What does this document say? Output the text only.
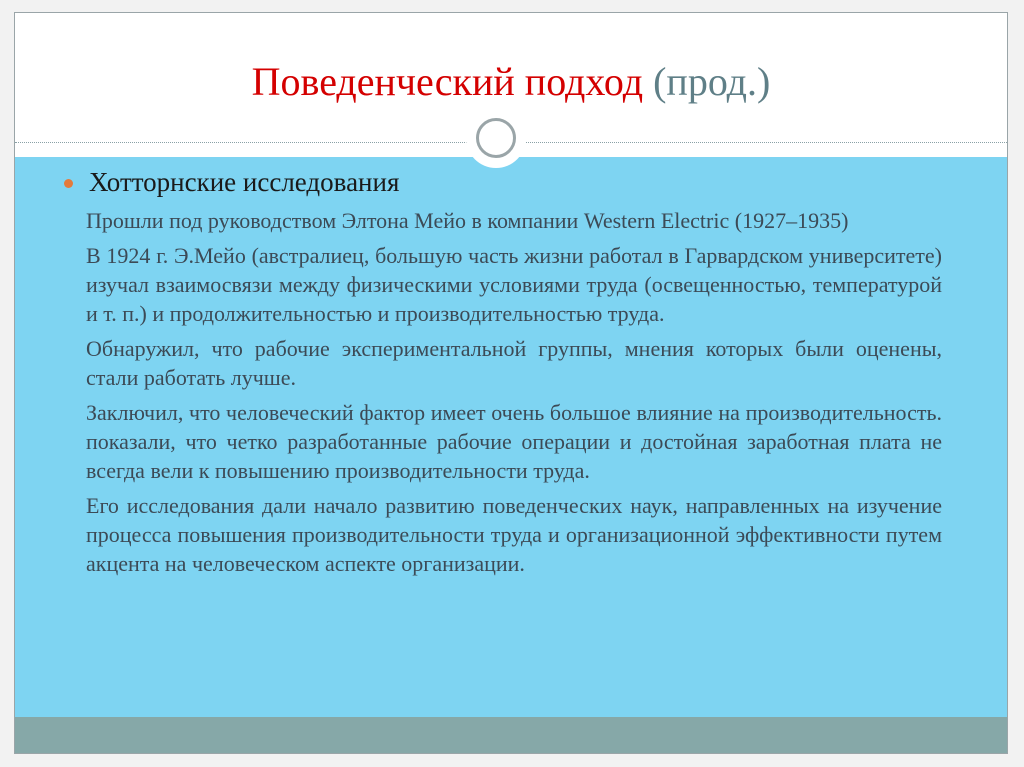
Поведенческий подход (прод.)
Хотторнские исследования

Прошли под руководством Элтона Мейо в компании Western Electric (1927–1935)

В 1924 г. Э.Мейо (австралиец, большую часть жизни работал в Гарвардском университете) изучал взаимосвязи между физическими условиями труда (освещенностью, температурой и т. п.) и продолжительностью и производительностью труда.

Обнаружил, что рабочие экспериментальной группы, мнения которых были оценены, стали работать лучше.

Заключил, что человеческий фактор имеет очень большое влияние на производительность. показали, что четко разработанные рабочие операции и достойная заработная плата не всегда вели к повышению производительности труда.

Его исследования дали начало развитию поведенческих наук, направленных на изучение процесса повышения производительности труда и организационной эффективности путем акцента на человеческом аспекте организации.
